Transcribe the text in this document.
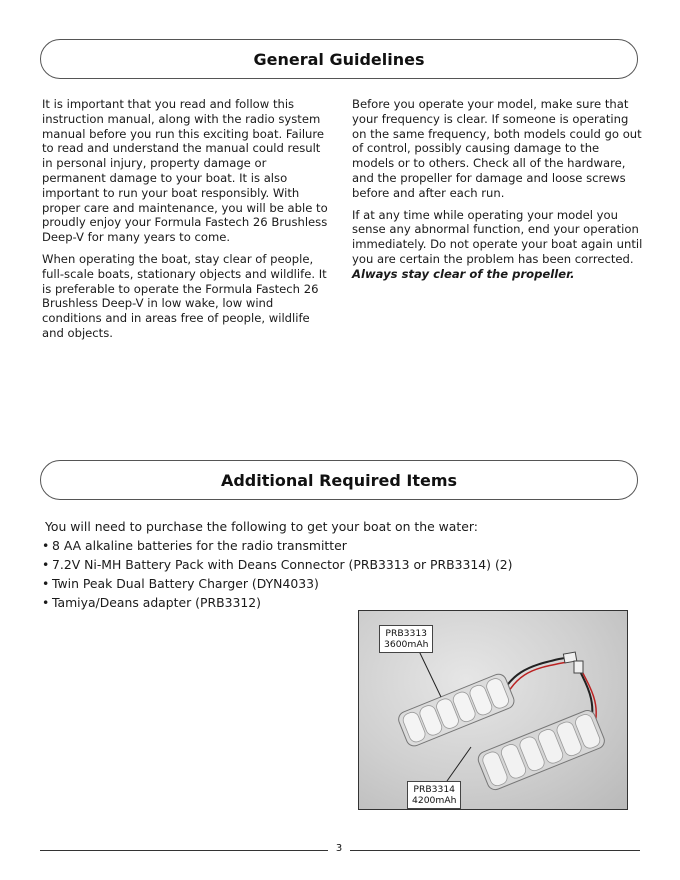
General Guidelines

It is important that you read and follow this instruction manual, along with the radio system manual before you run this exciting boat. Failure to read and understand the manual could result in personal injury, property damage or permanent damage to your boat. It is also important to run your boat responsibly. With proper care and maintenance, you will be able to proudly enjoy your Formula Fastech 26 Brushless Deep-V for many years to come.

When operating the boat, stay clear of people, full-scale boats, stationary objects and wildlife. It is preferable to operate the Formula Fastech 26 Brushless Deep-V in low wake, low wind conditions and in areas free of people, wildlife and objects.

Before you operate your model, make sure that your frequency is clear. If someone is operating on the same frequency, both models could go out of control, possibly causing damage to the models or to others. Check all of the hardware, and the propeller for damage and loose screws before and after each run.

If at any time while operating your model you sense any abnormal function, end your operation immediately. Do not operate your boat again until you are certain the problem has been corrected. Always stay clear of the propeller.

Additional Required Items

You will need to purchase the following to get your boat on the water:

• 8 AA alkaline batteries for the radio transmitter
• 7.2V Ni-MH Battery Pack with Deans Connector (PRB3313 or PRB3314) (2)
• Twin Peak Dual Battery Charger (DYN4033)
• Tamiya/Deans adapter (PRB3312)
PRB3313
3600mAh
PRB3314
4200mAh
3
